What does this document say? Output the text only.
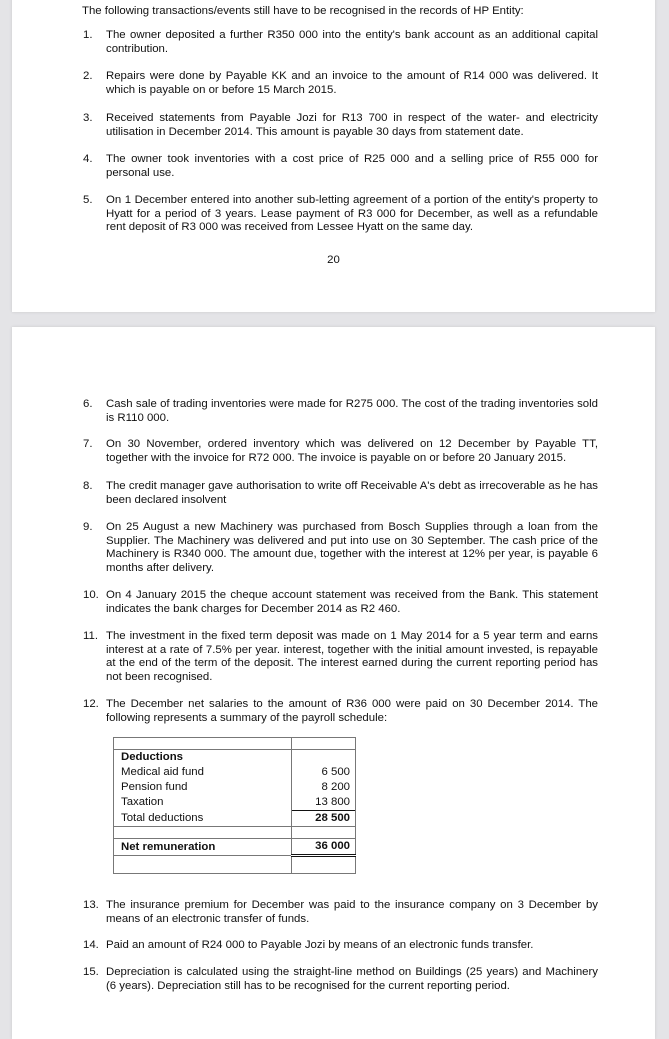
The following transactions/events still have to be recognised in the records of HP Entity:

1.	The owner deposited a further R350 000 into the entity's bank account as an additional capital contribution.
2.	Repairs were done by Payable KK and an invoice to the amount of R14 000 was delivered. It which is payable on or before 15 March 2015.
3.	Received statements from Payable Jozi for R13 700 in respect of the water- and electricity utilisation in December 2014. This amount is payable 30 days from statement date.
4.	The owner took inventories with a cost price of R25 000 and a selling price of R55 000 for personal use.
5.	On 1 December entered into another sub-letting agreement of a portion of the entity's property to Hyatt for a period of 3 years. Lease payment of R3 000 for December, as well as a refundable rent deposit of R3 000 was received from Lessee Hyatt on the same day.
20
6.	Cash sale of trading inventories were made for R275 000. The cost of the trading inventories sold is R110 000.
7.	On 30 November, ordered inventory which was delivered on 12 December by Payable TT, together with the invoice for R72 000. The invoice is payable on or before 20 January 2015.
8.	The credit manager gave authorisation to write off Receivable A's debt as irrecoverable as he has been declared insolvent
9.	On 25 August a new Machinery was purchased from Bosch Supplies through a loan from the Supplier. The Machinery was delivered and put into use on 30 September. The cash price of the Machinery is R340 000. The amount due, together with the interest at 12% per year, is payable 6 months after delivery.
10. On 4 January 2015 the cheque account statement was received from the Bank. This statement indicates the bank charges for December 2014 as R2 460.
11. The investment in the fixed term deposit was made on 1 May 2014 for a 5 year term and earns interest at a rate of 7.5% per year. interest, together with the initial amount invested, is repayable at the end of the term of the deposit. The interest earned during the current reporting period has not been recognised.
12. The December net salaries to the amount of R36 000 were paid on 30 December 2014. The following represents a summary of the payroll schedule:

Deductions	
Medical aid fund	6 500
Pension fund	8 200
Taxation	13 800
Total deductions	28 500

Net remuneration	36 000

13. The insurance premium for December was paid to the insurance company on 3 December by means of an electronic transfer of funds.
14. Paid an amount of R24 000 to Payable Jozi by means of an electronic funds transfer.
15. Depreciation is calculated using the straight-line method on Buildings (25 years) and Machinery (6 years). Depreciation still has to be recognised for the current reporting period.
